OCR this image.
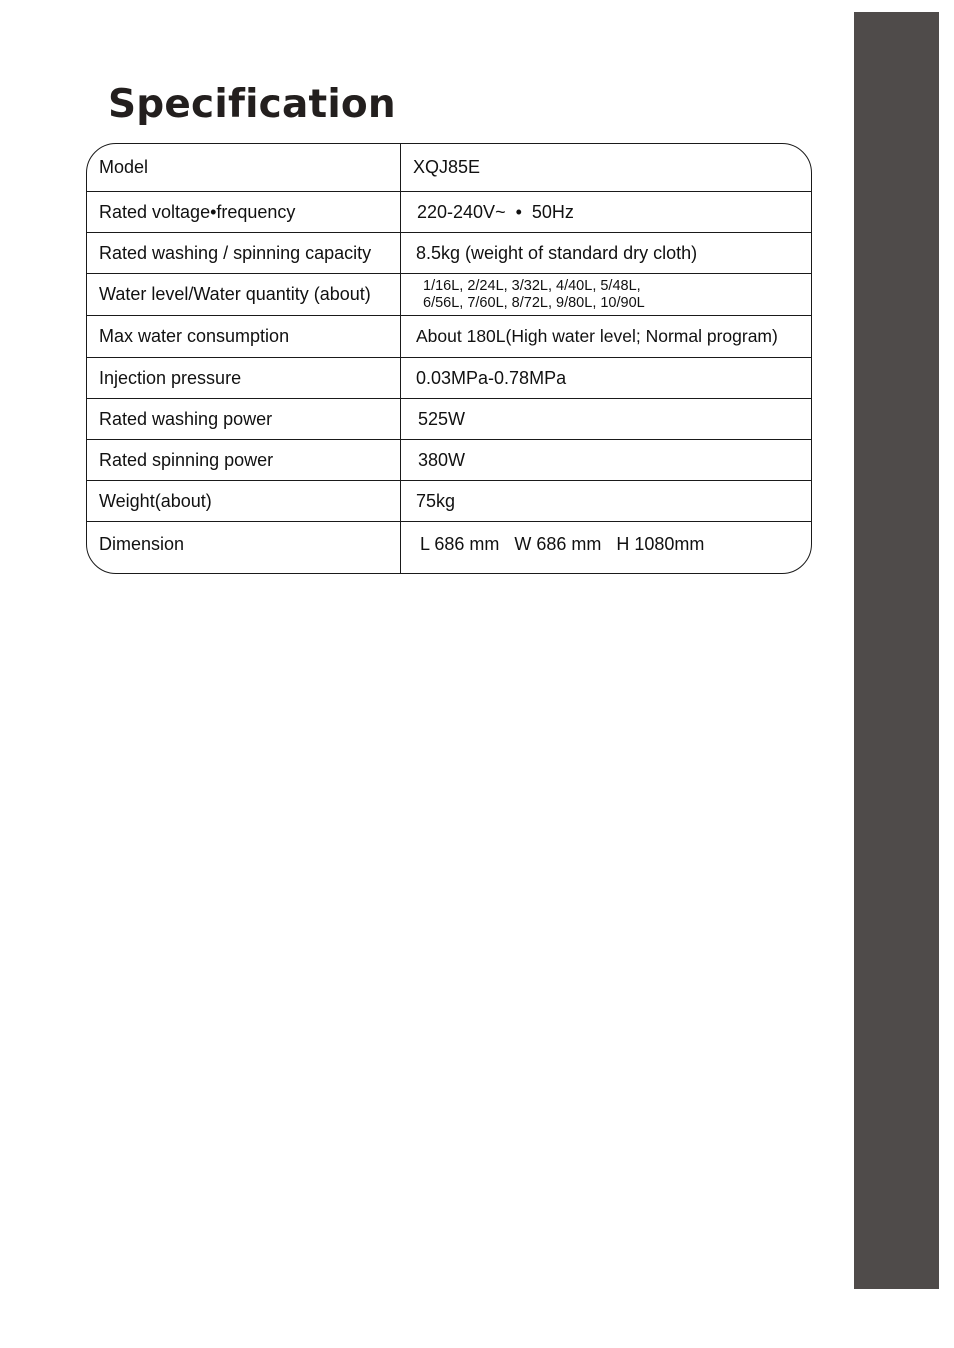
Specification
Model	XQJ85E
Rated voltage•frequency	220-240V~  •  50Hz
Rated washing / spinning capacity	8.5kg (weight of standard dry cloth)
Water level/Water quantity (about)	1/16L, 2/24L, 3/32L, 4/40L, 5/48L,
6/56L, 7/60L, 8/72L, 9/80L, 10/90L
Max water consumption	About 180L(High water level; Normal program)
Injection pressure	0.03MPa-0.78MPa
Rated washing power	525W
Rated spinning power	380W
Weight(about)	75kg
Dimension	L 686 mm   W 686 mm   H 1080mm
